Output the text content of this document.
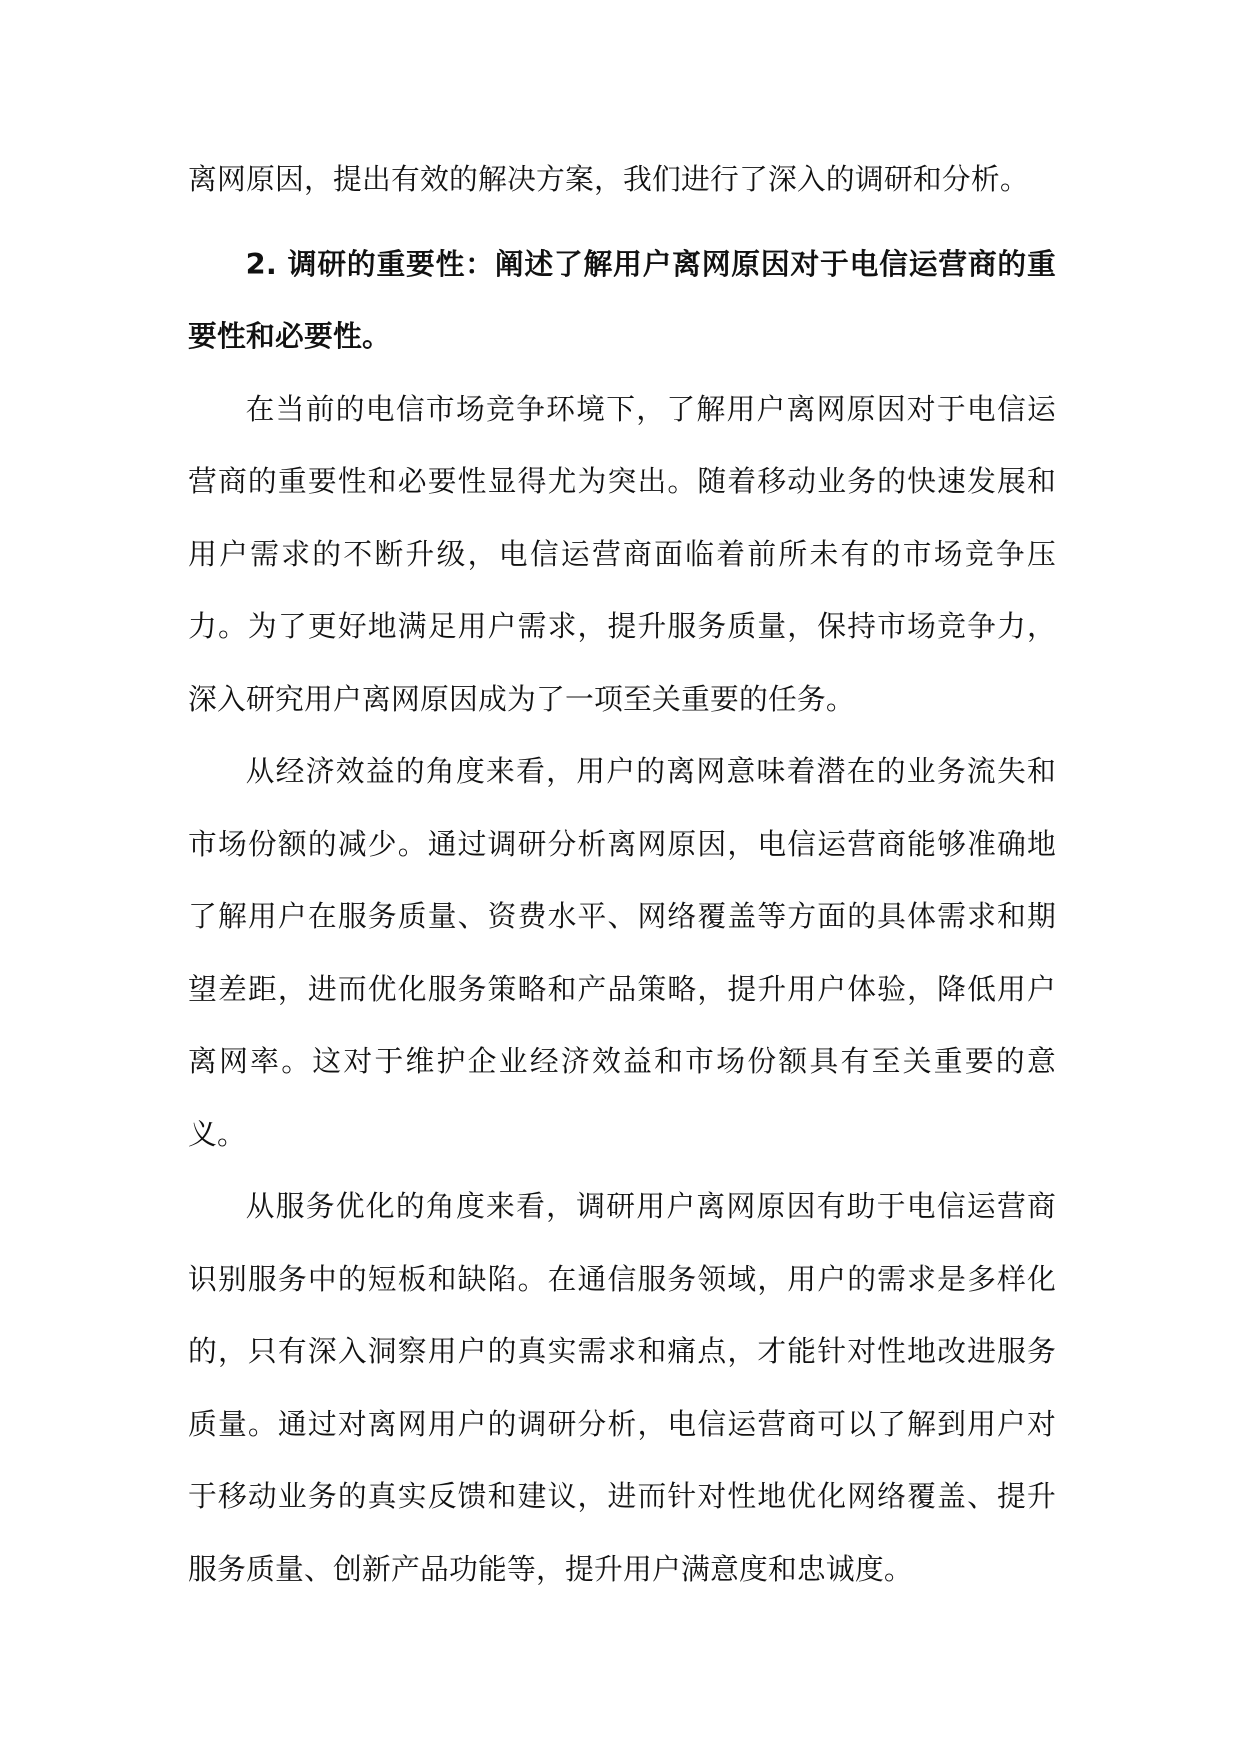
离网原因，提出有效的解决方案，我们进行了深入的调研和分析。

2. 调研的重要性：阐述了解用户离网原因对于电信运营商的重要性和必要性。

在当前的电信市场竞争环境下，了解用户离网原因对于电信运营商的重要性和必要性显得尤为突出。随着移动业务的快速发展和用户需求的不断升级，电信运营商面临着前所未有的市场竞争压力。为了更好地满足用户需求，提升服务质量，保持市场竞争力，深入研究用户离网原因成为了一项至关重要的任务。

从经济效益的角度来看，用户的离网意味着潜在的业务流失和市场份额的减少。通过调研分析离网原因，电信运营商能够准确地了解用户在服务质量、资费水平、网络覆盖等方面的具体需求和期望差距，进而优化服务策略和产品策略，提升用户体验，降低用户离网率。这对于维护企业经济效益和市场份额具有至关重要的意义。

从服务优化的角度来看，调研用户离网原因有助于电信运营商识别服务中的短板和缺陷。在通信服务领域，用户的需求是多样化的，只有深入洞察用户的真实需求和痛点，才能针对性地改进服务质量。通过对离网用户的调研分析，电信运营商可以了解到用户对于移动业务的真实反馈和建议，进而针对性地优化网络覆盖、提升服务质量、创新产品功能等，提升用户满意度和忠诚度。
